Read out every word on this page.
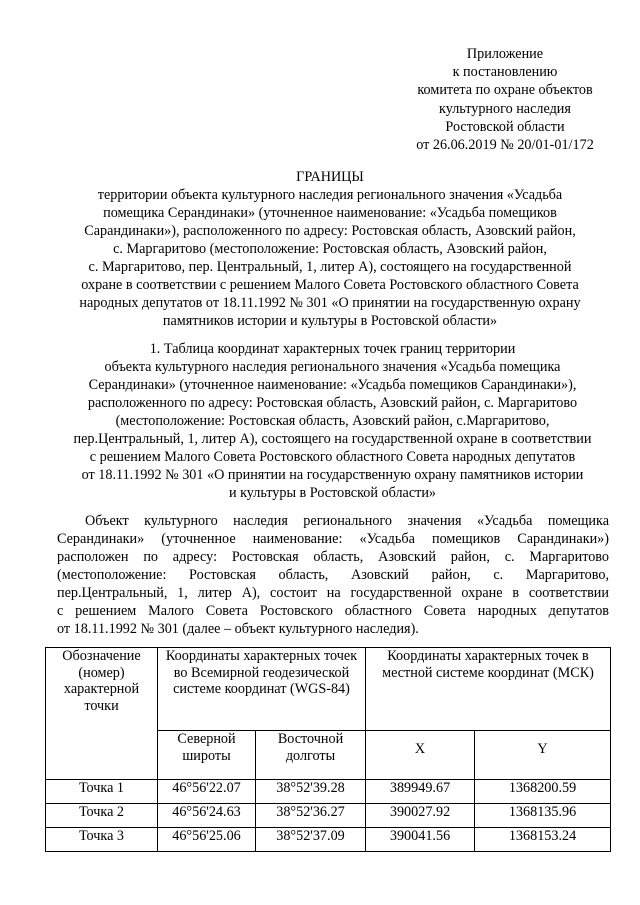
Приложение
к постановлению
комитета по охране объектов
культурного наследия
Ростовской области
от 26.06.2019 № 20/01-01/172
ГРАНИЦЫ
территории объекта культурного наследия регионального значения «Усадьба
помещика Серандинаки» (уточненное наименование: «Усадьба помещиков
Сарандинаки»), расположенного по адресу: Ростовская область, Азовский район,
с. Маргаритово (местоположение: Ростовская область, Азовский район,
с. Маргаритово, пер. Центральный, 1, литер А), состоящего на государственной
охране в соответствии с решением Малого Совета Ростовского областного Совета
народных депутатов от 18.11.1992 № 301 «О принятии на государственную охрану
памятников истории и культуры в Ростовской области»
1. Таблица координат характерных точек границ территории
объекта культурного наследия регионального значения «Усадьба помещика
Серандинаки» (уточненное наименование: «Усадьба помещиков Сарандинаки»),
расположенного по адресу: Ростовская область, Азовский район, с. Маргаритово
(местоположение: Ростовская область, Азовский район, с.Маргаритово,
пер.Центральный, 1, литер А), состоящего на государственной охране в соответствии
с решением Малого Совета Ростовского областного Совета народных депутатов
от 18.11.1992 № 301 «О принятии на государственную охрану памятников истории
и культуры в Ростовской области»
Объект культурного наследия регионального значения «Усадьба помещика
Серандинаки» (уточненное наименование: «Усадьба помещиков Сарандинаки»)
расположен по адресу: Ростовская область, Азовский район, с. Маргаритово
(местоположение: Ростовская область, Азовский район, с. Маргаритово,
пер.Центральный, 1, литер А), состоит на государственной охране в соответствии
с решением Малого Совета Ростовского областного Совета народных депутатов
от 18.11.1992 № 301 (далее – объект культурного наследия).
Обозначение (номер) характерной точки	Координаты характерных точек во Всемирной геодезической системе координат (WGS-84)		Координаты характерных точек в местной системе координат (МСК)	
	Северной широты	Восточной долготы	X	Y
Точка 1	46°56'22.07	38°52'39.28	389949.67	1368200.59
Точка 2	46°56'24.63	38°52'36.27	390027.92	1368135.96
Точка 3	46°56'25.06	38°52'37.09	390041.56	1368153.24
